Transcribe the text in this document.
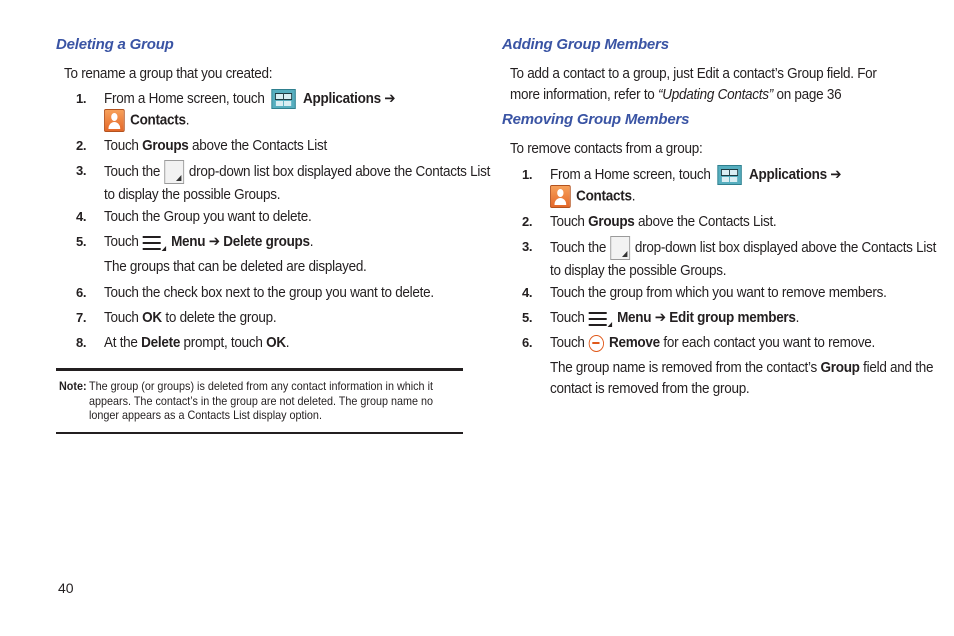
Deleting a Group

To rename a group that you created:

1. From a Home screen, touch	Applications ➔
Contacts.
2. Touch Groups above the Contacts List
3. Touch the drop-down list box displayed above the Contacts List to display the possible Groups.
4. Touch the Group you want to delete.
5. Touch Menu ➔ Delete groups.
The groups that can be deleted are displayed.
6. Touch the check box next to the group you want to delete.
7. Touch OK to delete the group.
8. At the Delete prompt, touch OK.
Note: The group (or groups) is deleted from any contact information in which it appears. The contact’s in the group are not deleted. The group name no longer appears as a Contacts List display option.
Adding Group Members

To add a contact to a group, just Edit a contact’s Group field. For more information, refer to “Updating Contacts” on page 36

Removing Group Members

To remove contacts from a group:

1. From a Home screen, touch	Applications ➔
Contacts.
2. Touch Groups above the Contacts List.
3. Touch the drop-down list box displayed above the Contacts List to display the possible Groups.
4. Touch the group from which you want to remove members.
5. Touch Menu ➔ Edit group members.
6. Touch Remove for each contact you want to remove.
The group name is removed from the contact’s Group field and the contact is removed from the group.
40
